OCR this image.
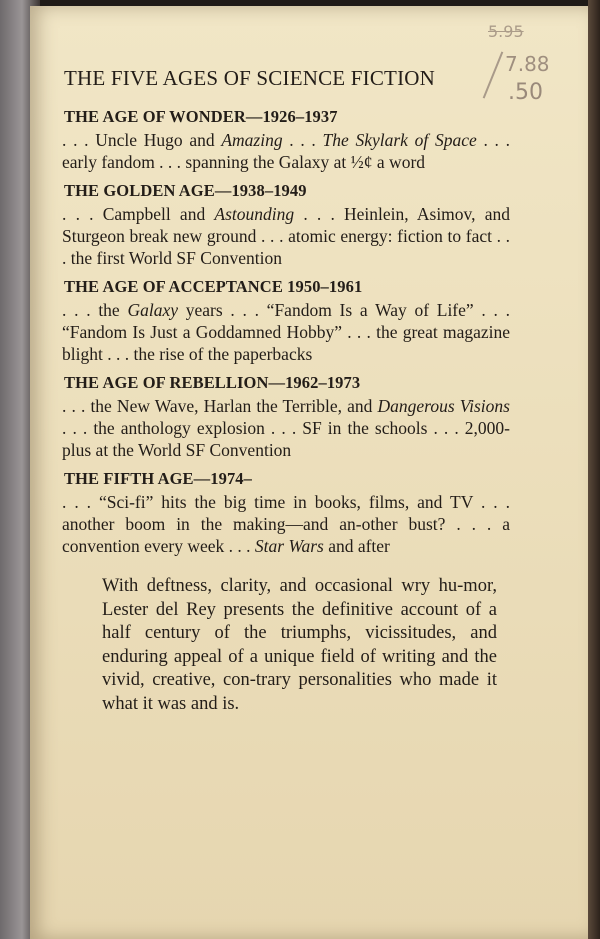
5.95
7.88
.50
THE FIVE AGES OF SCIENCE FICTION
THE AGE OF WONDER—1926–1937
. . . Uncle Hugo and Amazing . . . The Skylark of Space . . . early fandom . . . spanning the Galaxy at ½¢ a word
THE GOLDEN AGE—1938–1949
. . . Campbell and Astounding . . . Heinlein, Asimov, and Sturgeon break new ground . . . atomic energy: fiction to fact . . . the first World SF Convention
THE AGE OF ACCEPTANCE 1950–1961
. . . the Galaxy years . . . “Fandom Is a Way of Life” . . . “Fandom Is Just a Goddamned Hobby” . . . the great magazine blight . . . the rise of the paperbacks
THE AGE OF REBELLION—1962–1973
. . . the New Wave, Harlan the Terrible, and Dangerous Visions . . . the anthology explosion . . . SF in the schools . . . 2,000-plus at the World SF Convention
THE FIFTH AGE—1974–
. . . “Sci-fi” hits the big time in books, films, and TV . . . another boom in the making—and an-other bust? . . . a convention every week . . . Star Wars and after
With deftness, clarity, and occasional wry hu-mor, Lester del Rey presents the definitive account of a half century of the triumphs, vicissitudes, and enduring appeal of a unique field of writing and the vivid, creative, con-trary personalities who made it what it was and is.
